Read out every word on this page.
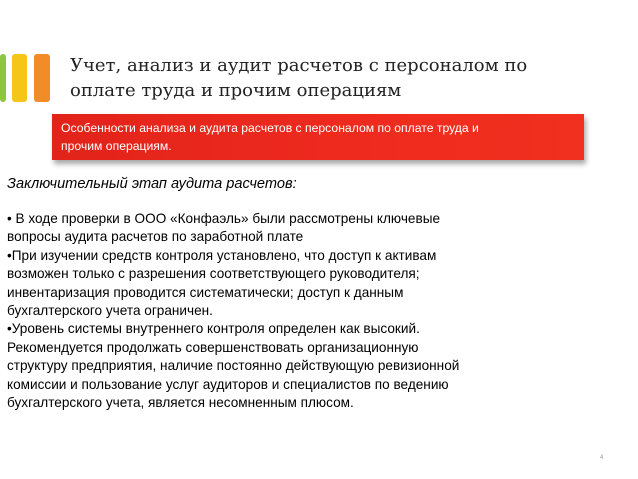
Учет, анализ и аудит расчетов с персоналом по
оплате труда и прочим операциям
Особенности анализа и аудита расчетов с персоналом по оплате труда и
прочим операциям.
Заключительный этап аудита расчетов:
• В ходе проверки в ООО «Конфаэль» были рассмотрены ключевые
вопросы аудита расчетов по заработной плате
•При изучении средств контроля установлено, что доступ к активам
возможен только с разрешения соответствующего руководителя;
инвентаризация проводится систематически; доступ к данным
бухгалтерского учета ограничен.
•Уровень системы внутреннего контроля определен как высокий.
Рекомендуется продолжать совершенствовать организационную
структуру предприятия, наличие постоянно действующую ревизионной
комиссии и пользование услуг аудиторов и специалистов по ведению
бухгалтерского учета, является несомненным плюсом.
4
